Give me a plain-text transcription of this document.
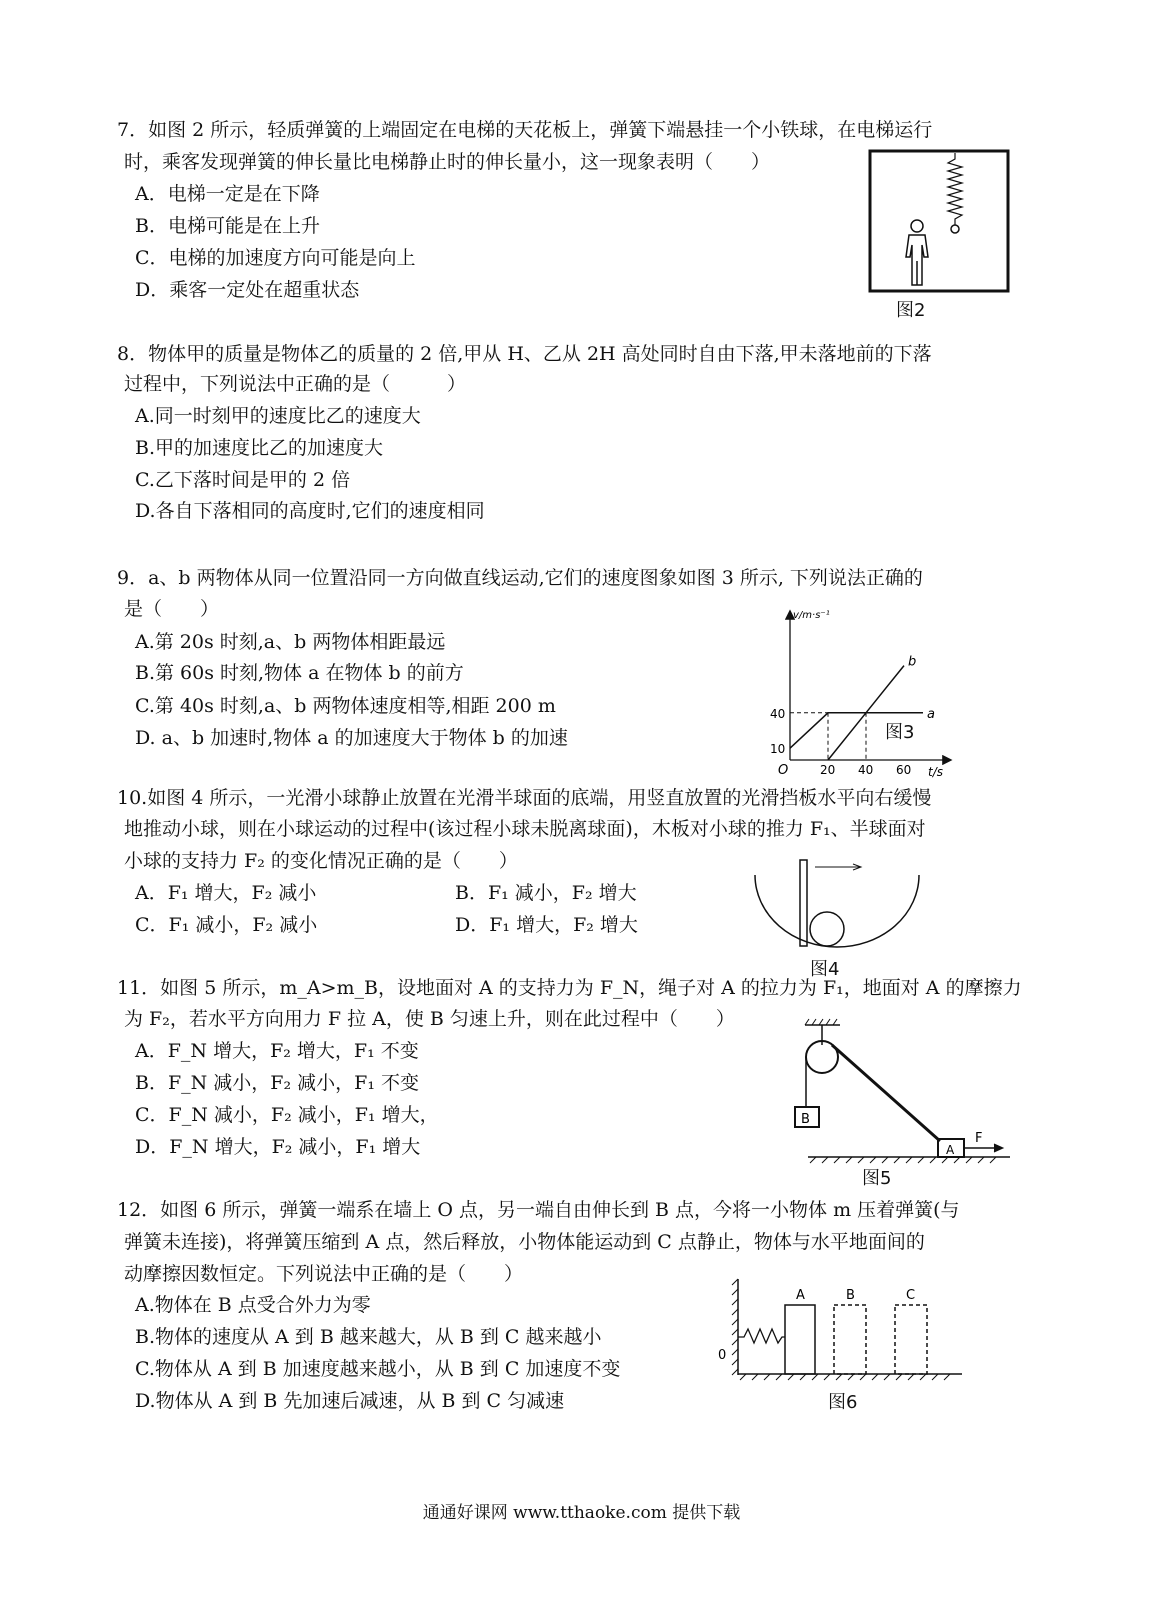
7．如图 2 所示，轻质弹簧的上端固定在电梯的天花板上，弹簧下端悬挂一个小铁球，在电梯运行
时，乘客发现弹簧的伸长量比电梯静止时的伸长量小，这一现象表明（　　）
A．电梯一定是在下降
B．电梯可能是在上升
C．电梯的加速度方向可能是向上
D．乘客一定处在超重状态
图2
8．物体甲的质量是物体乙的质量的 2 倍,甲从 H、乙从 2H 高处同时自由下落,甲未落地前的下落
过程中，下列说法中正确的是（　　　）
A.同一时刻甲的速度比乙的速度大
B.甲的加速度比乙的加速度大
C.乙下落时间是甲的 2 倍
D.各自下落相同的高度时,它们的速度相同
9．a、b 两物体从同一位置沿同一方向做直线运动,它们的速度图象如图 3 所示, 下列说法正确的
是（　　）
A.第 20s 时刻,a、b 两物体相距最远
B.第 60s 时刻,物体 a 在物体 b 的前方
C.第 40s 时刻,a、b 两物体速度相等,相距 200 m
D. a、b 加速时,物体 a 的加速度大于物体 b 的加速
v/m·s⁻¹
t/s
O
a
b
20 40 60
10
40
图3
10.如图 4 所示，一光滑小球静止放置在光滑半球面的底端，用竖直放置的光滑挡板水平向右缓慢
地推动小球，则在小球运动的过程中(该过程小球未脱离球面)，木板对小球的推力 F₁、半球面对
小球的支持力 F₂ 的变化情况正确的是（　　）
A．F₁ 增大，F₂ 减小	B．F₁ 减小，F₂ 增大
C．F₁ 减小，F₂ 减小	D．F₁ 增大，F₂ 增大
图4
11．如图 5 所示，m_A>m_B，设地面对 A 的支持力为 F_N，绳子对 A 的拉力为 F₁，地面对 A 的摩擦力
为 F₂，若水平方向用力 F 拉 A，使 B 匀速上升，则在此过程中（　　）
A．F_N 增大，F₂ 增大，F₁ 不变
B．F_N 减小，F₂ 减小，F₁ 不变
C．F_N 减小，F₂ 减小，F₁ 增大，
D．F_N 增大，F₂ 减小，F₁ 增大
B
A
F
图5
12．如图 6 所示，弹簧一端系在墙上 O 点，另一端自由伸长到 B 点，今将一小物体 m 压着弹簧(与
弹簧未连接)，将弹簧压缩到 A 点，然后释放，小物体能运动到 C 点静止，物体与水平地面间的
动摩擦因数恒定。下列说法中正确的是（　　）
A.物体在 B 点受合外力为零
B.物体的速度从 A 到 B 越来越大，从 B 到 C 越来越小
C.物体从 A 到 B 加速度越来越小，从 B 到 C 加速度不变
D.物体从 A 到 B 先加速后减速，从 B 到 C 匀减速
0
A	B	C
图6
通通好课网 www.tthaoke.com 提供下载
